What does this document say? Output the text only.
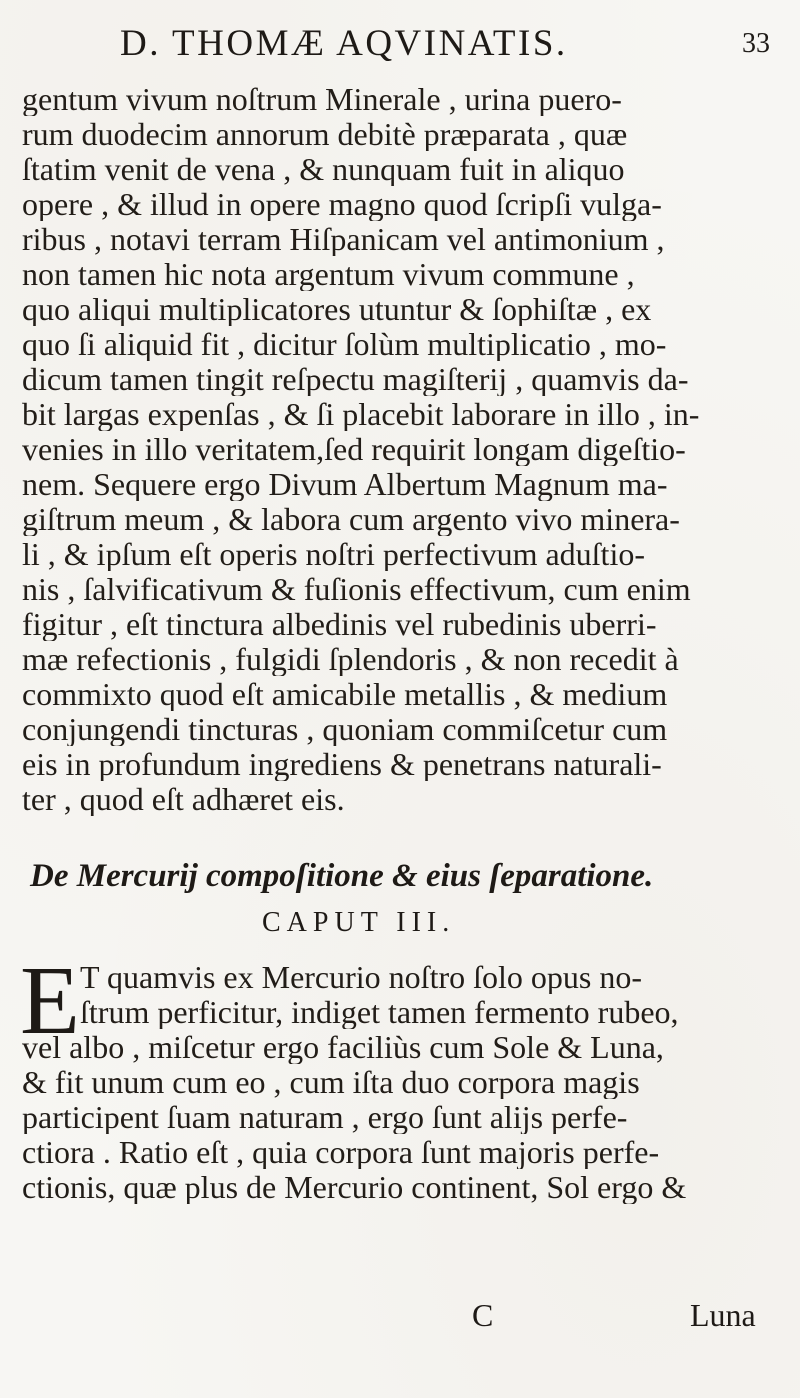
D. THOMÆ AQVINATIS.	33
gentum vivum noſtrum Minerale , urina puero-
rum duodecim annorum debitè præparata , quæ
ſtatim venit de vena , & nunquam fuit in aliquo
opere , & illud in opere magno quod ſcripſi vulga-
ribus , notavi terram Hiſpanicam vel antimonium ,
non tamen hic nota argentum vivum commune ,
quo aliqui multiplicatores utuntur & ſophiſtæ , ex
quo ſi aliquid fit , dicitur ſolùm multiplicatio , mo-
dicum tamen tingit reſpectu magiſterij , quamvis da-
bit largas expenſas , & ſi placebit laborare in illo , in-
venies in illo veritatem,ſed requirit longam digeſtio-
nem. Sequere ergo Divum Albertum Magnum ma-
giſtrum meum , & labora cum argento vivo minera-
li , & ipſum eſt operis noſtri perfectivum aduſtio-
nis , ſalvificativum & fuſionis effectivum, cum enim
figitur , eſt tinctura albedinis vel rubedinis uberri-
mæ refectionis , fulgidi ſplendoris , & non recedit à
commixto quod eſt amicabile metallis , & medium
conjungendi tincturas , quoniam commiſcetur cum
eis in profundum ingrediens & penetrans naturali-
ter , quod eſt adhæret eis.
De Mercurij compoſitione & eius ſeparatione.
CAPUT III.
E T quamvis ex Mercurio noſtro ſolo opus no-
ſtrum perficitur, indiget tamen fermento rubeo,
vel albo , miſcetur ergo faciliùs cum Sole & Luna,
& fit unum cum eo , cum iſta duo corpora magis
participent ſuam naturam , ergo ſunt alijs perfe-
ctiora . Ratio eſt , quia corpora ſunt majoris perfe-
ctionis, quæ plus de Mercurio continent, Sol ergo &
C	Luna
